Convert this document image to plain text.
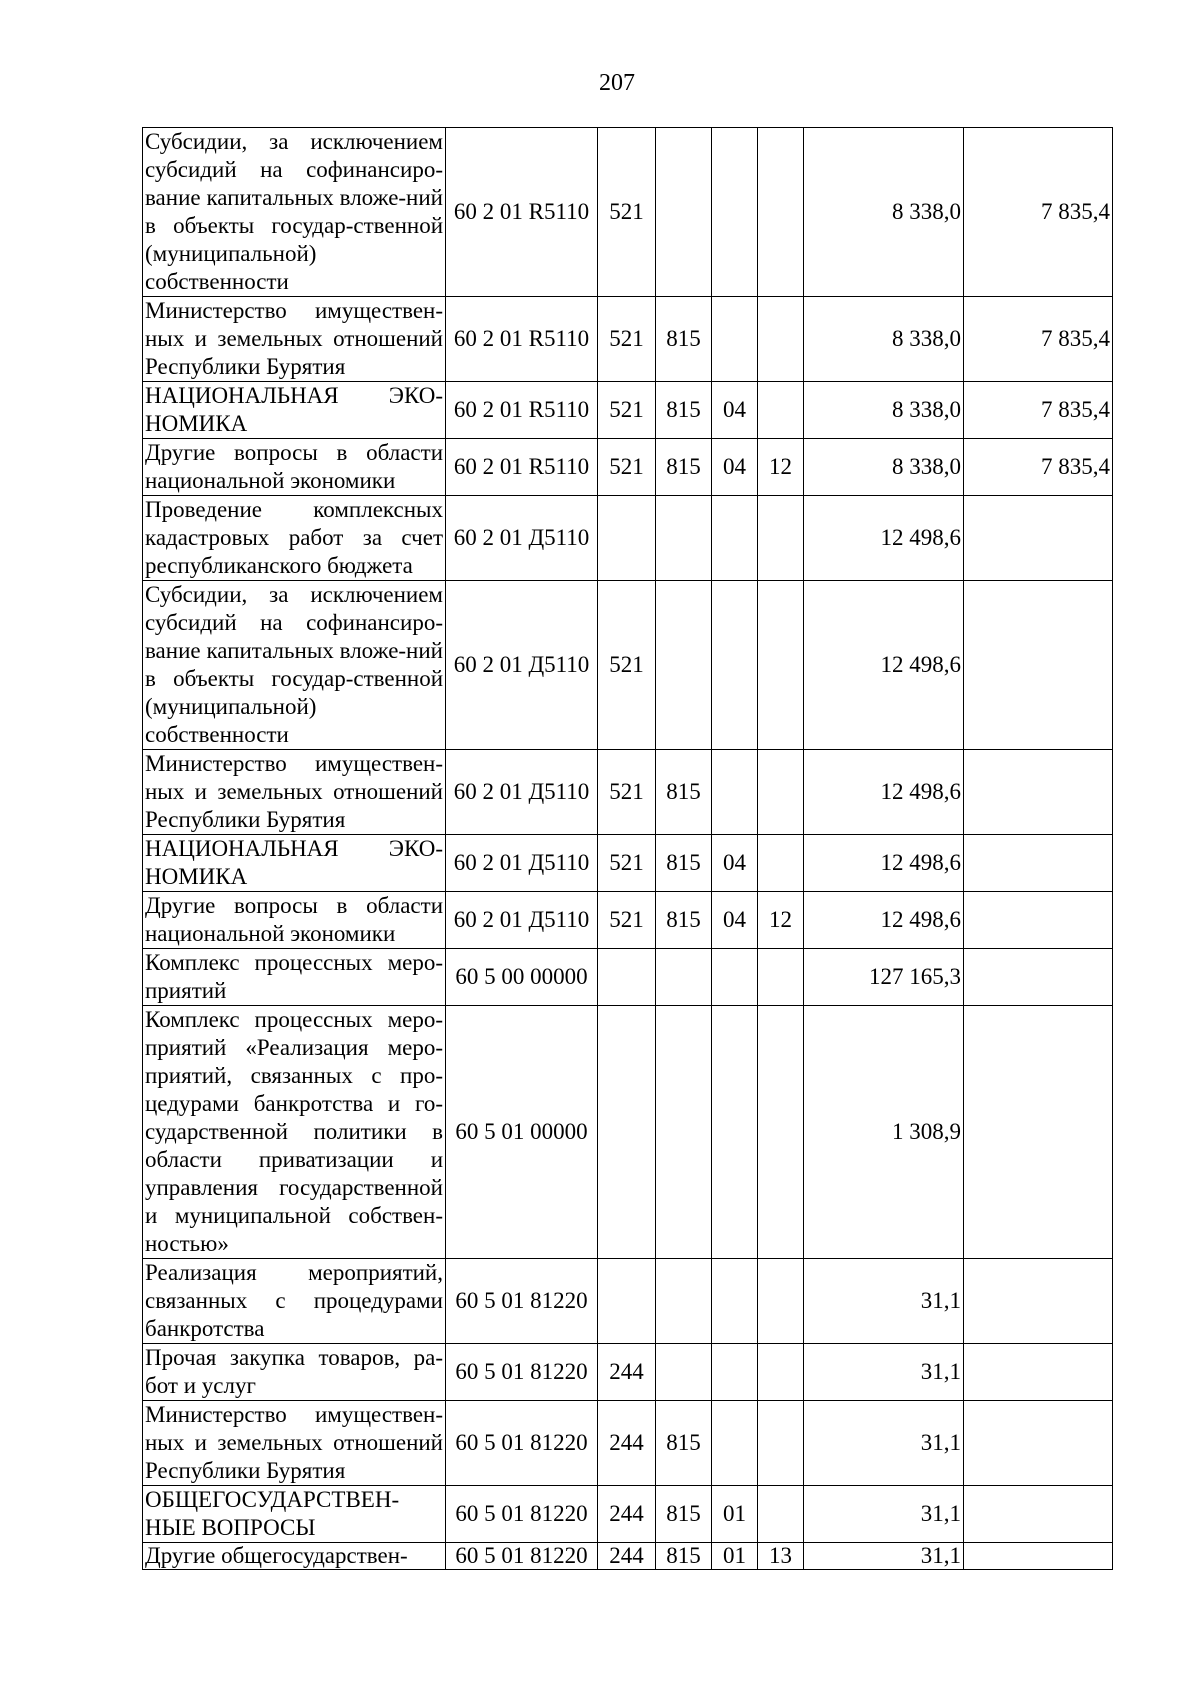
207
Субсидии, за исключением субсидий на софинансиро-вание капитальных вложе-ний в объекты государ-ственной (муниципальной) собственности	60 2 01 R5110	521				8 338,0	7 835,4
Министерство имуществен-ных и земельных отношений Республики Бурятия	60 2 01 R5110	521	815			8 338,0	7 835,4
НАЦИОНАЛЬНАЯ ЭКО-НОМИКА	60 2 01 R5110	521	815	04		8 338,0	7 835,4
Другие вопросы в области национальной экономики	60 2 01 R5110	521	815	04	12	8 338,0	7 835,4
Проведение комплексных кадастровых работ за счет республиканского бюджета	60 2 01 Д5110					12 498,6	
Субсидии, за исключением субсидий на софинансиро-вание капитальных вложе-ний в объекты государ-ственной (муниципальной) собственности	60 2 01 Д5110	521				12 498,6	
Министерство имуществен-ных и земельных отношений Республики Бурятия	60 2 01 Д5110	521	815			12 498,6	
НАЦИОНАЛЬНАЯ ЭКО-НОМИКА	60 2 01 Д5110	521	815	04		12 498,6	
Другие вопросы в области национальной экономики	60 2 01 Д5110	521	815	04	12	12 498,6	
Комплекс процессных меро-приятий	60 5 00 00000					127 165,3	
Комплекс процессных меро-приятий «Реализация меро-приятий, связанных с про-цедурами банкротства и го-сударственной политики в области приватизации и управления государственной и муниципальной собствен-ностью»	60 5 01 00000					1 308,9	
Реализация мероприятий, связанных с процедурами банкротства	60 5 01 81220					31,1	
Прочая закупка товаров, ра-бот и услуг	60 5 01 81220	244				31,1	
Министерство имуществен-ных и земельных отношений Республики Бурятия	60 5 01 81220	244	815			31,1	
ОБЩЕГОСУДАРСТВЕН-НЫЕ ВОПРОСЫ	60 5 01 81220	244	815	01		31,1	
Другие общегосударствен-	60 5 01 81220	244	815	01	13	31,1	
